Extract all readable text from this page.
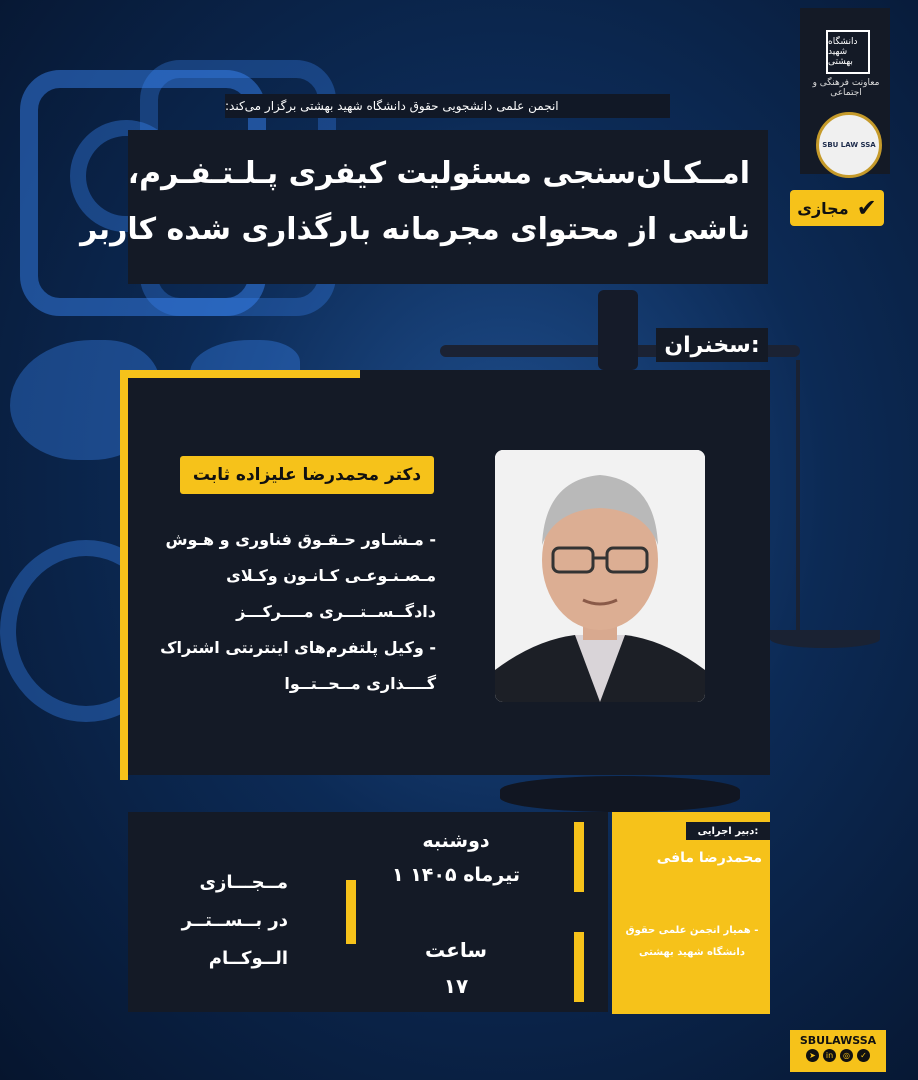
دانشگاه شهید بهشتی
معاونت فرهنگی و اجتماعی
SBU LAW SSA
مجازی ✔
انجمن علمی دانشجویی حقوق دانشگاه شهید بهشتی برگزار می‌کند:
امــکـان‌سنجی مسئولیت کیفری پـلـتـفـرم،
ناشی از محتوای مجرمانه بارگذاری شده کاربر
سخنران:
دکتر محمدرضا علیزاده ثابت
- مـشـاور حـقـوق فناوری و هـوش
مـصـنـوعـی کـانـون وکـلای
دادگــســتـــری مــــرکـــز
- وکیل پلتفرم‌های اینترنتی اشتراک
گــــذاری مــحــتــوا
مــجـــازی
در بــســتــر
الــوکــام
دوشنبه
۱ تیرماه ۱۴۰۵
ساعت
۱۷
دبیر اجرایی:
محمدرضا مافی
- همیار انجمن علمی حقوق
دانشگاه شهید بهشتی
SBULAWSSA
➤	in	◎	✓
